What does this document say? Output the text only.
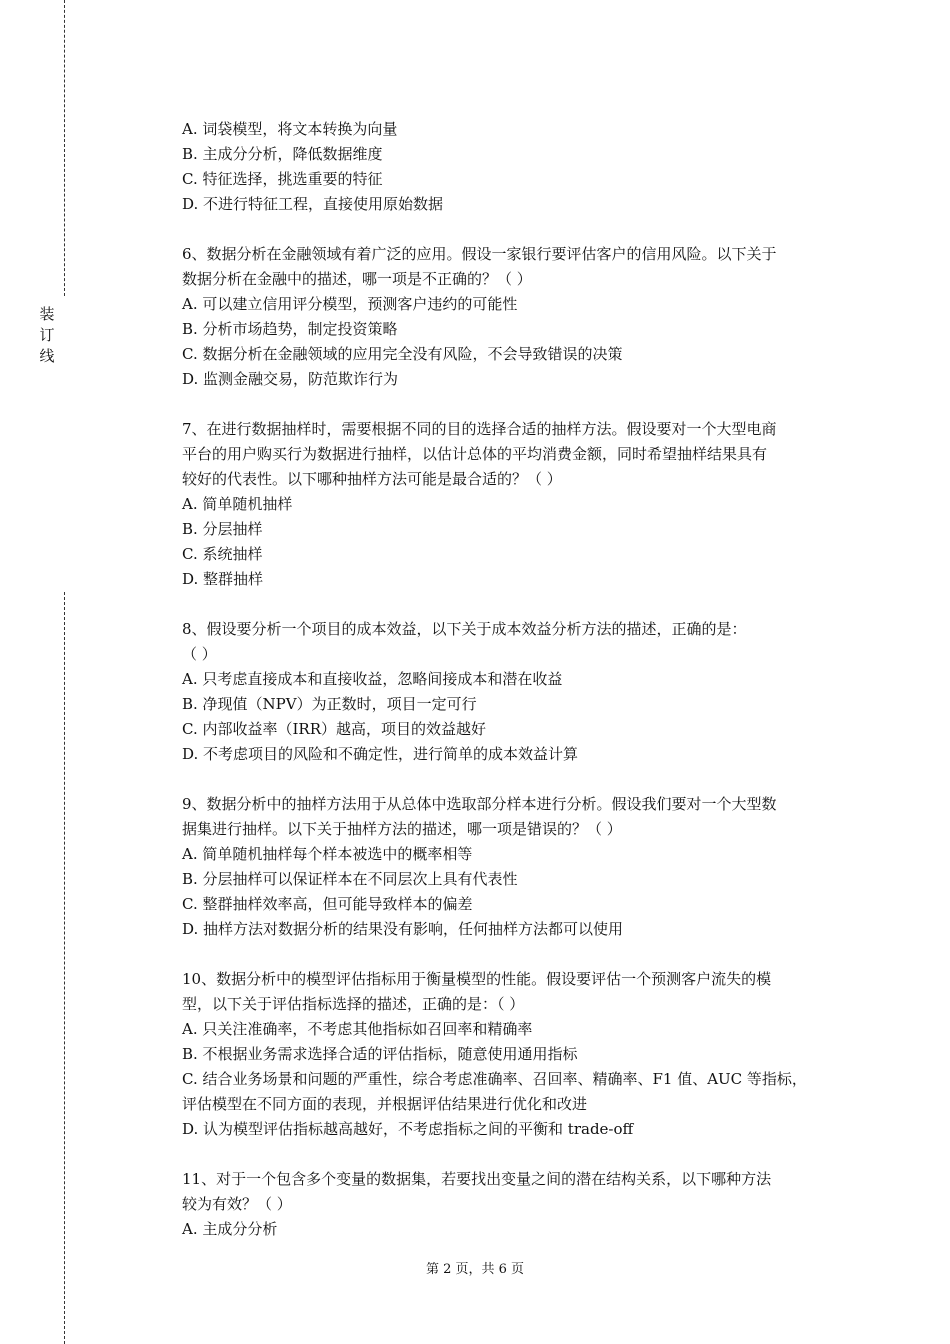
装
订
线
A. 词袋模型，将文本转换为向量
B. 主成分分析，降低数据维度
C. 特征选择，挑选重要的特征
D. 不进行特征工程，直接使用原始数据
6、数据分析在金融领域有着广泛的应用。假设一家银行要评估客户的信用风险。以下关于
数据分析在金融中的描述，哪一项是不正确的？（ ）
A. 可以建立信用评分模型，预测客户违约的可能性
B. 分析市场趋势，制定投资策略
C. 数据分析在金融领域的应用完全没有风险，不会导致错误的决策
D. 监测金融交易，防范欺诈行为
7、在进行数据抽样时，需要根据不同的目的选择合适的抽样方法。假设要对一个大型电商
平台的用户购买行为数据进行抽样，以估计总体的平均消费金额，同时希望抽样结果具有
较好的代表性。以下哪种抽样方法可能是最合适的？（ ）
A. 简单随机抽样
B. 分层抽样
C. 系统抽样
D. 整群抽样
8、假设要分析一个项目的成本效益，以下关于成本效益分析方法的描述，正确的是：
（ ）
A. 只考虑直接成本和直接收益，忽略间接成本和潜在收益
B. 净现值（NPV）为正数时，项目一定可行
C. 内部收益率（IRR）越高，项目的效益越好
D. 不考虑项目的风险和不确定性，进行简单的成本效益计算
9、数据分析中的抽样方法用于从总体中选取部分样本进行分析。假设我们要对一个大型数
据集进行抽样。以下关于抽样方法的描述，哪一项是错误的？（ ）
A. 简单随机抽样每个样本被选中的概率相等
B. 分层抽样可以保证样本在不同层次上具有代表性
C. 整群抽样效率高，但可能导致样本的偏差
D. 抽样方法对数据分析的结果没有影响，任何抽样方法都可以使用
10、数据分析中的模型评估指标用于衡量模型的性能。假设要评估一个预测客户流失的模
型，以下关于评估指标选择的描述，正确的是：（ ）
A. 只关注准确率，不考虑其他指标如召回率和精确率
B. 不根据业务需求选择合适的评估指标，随意使用通用指标
C. 结合业务场景和问题的严重性，综合考虑准确率、召回率、精确率、F1 值、AUC 等指标，
评估模型在不同方面的表现，并根据评估结果进行优化和改进
D. 认为模型评估指标越高越好，不考虑指标之间的平衡和 trade-off
11、对于一个包含多个变量的数据集，若要找出变量之间的潜在结构关系，以下哪种方法
较为有效？（ ）
A. 主成分分析
第 2 页，共 6 页
